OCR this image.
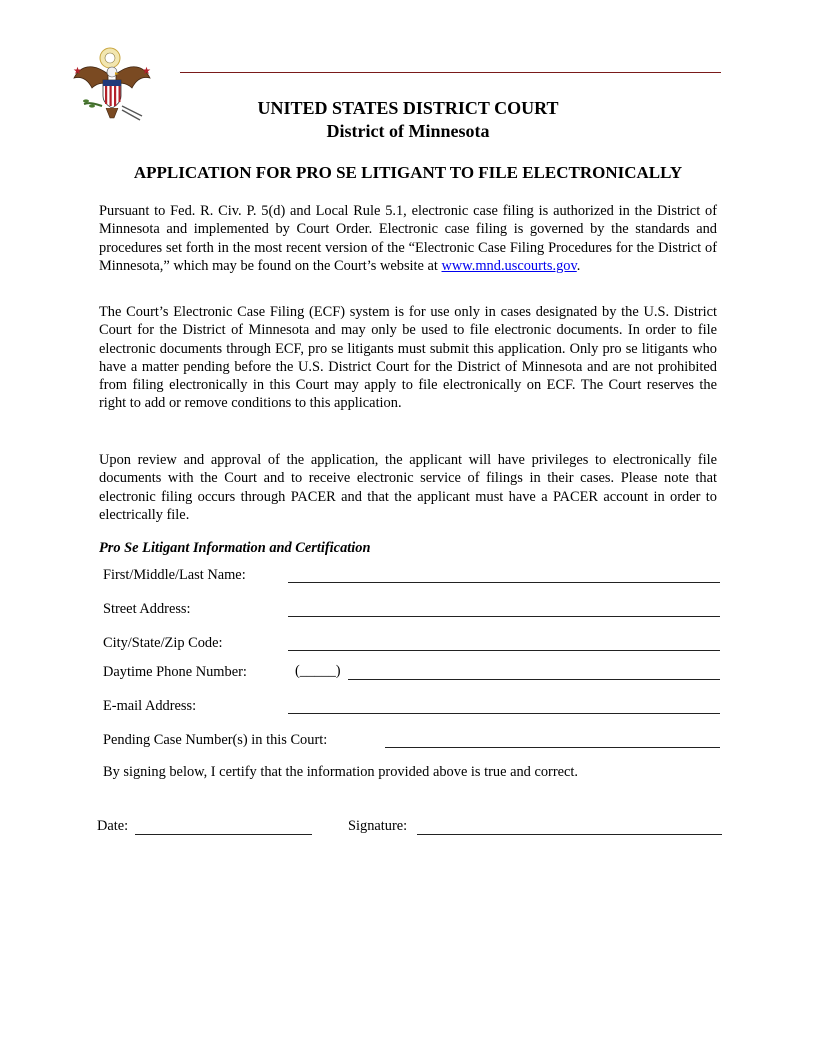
★	★
UNITED STATES DISTRICT COURT
District of Minnesota
APPLICATION FOR PRO SE LITIGANT TO FILE ELECTRONICALLY

Pursuant to Fed. R. Civ. P. 5(d) and Local Rule 5.1, electronic case filing is authorized in the District of Minnesota and implemented by Court Order. Electronic case filing is governed by the standards and procedures set forth in the most recent version of the “Electronic Case Filing Procedures for the District of Minnesota,” which may be found on the Court’s website at www.mnd.uscourts.gov.

The Court’s Electronic Case Filing (ECF) system is for use only in cases designated by the U.S. District Court for the District of Minnesota and may only be used to file electronic documents. In order to file electronic documents through ECF, pro se litigants must submit this application. Only pro se litigants who have a matter pending before the U.S. District Court for the District of Minnesota and are not prohibited from filing electronically in this Court may apply to file electronically on ECF. The Court reserves the right to add or remove conditions to this application.

Upon review and approval of the application, the applicant will have privileges to electronically file documents with the Court and to receive electronic service of filings in their cases. Please note that electronic filing occurs through PACER and that the applicant must have a PACER account in order to electrically file.

Pro Se Litigant Information and Certification
First/Middle/Last Name:
Street Address:
City/State/Zip Code:
Daytime Phone Number:	(_____)
E-mail Address:
Pending Case Number(s) in this Court:
By signing below, I certify that the information provided above is true and correct.
Date:	Signature:
